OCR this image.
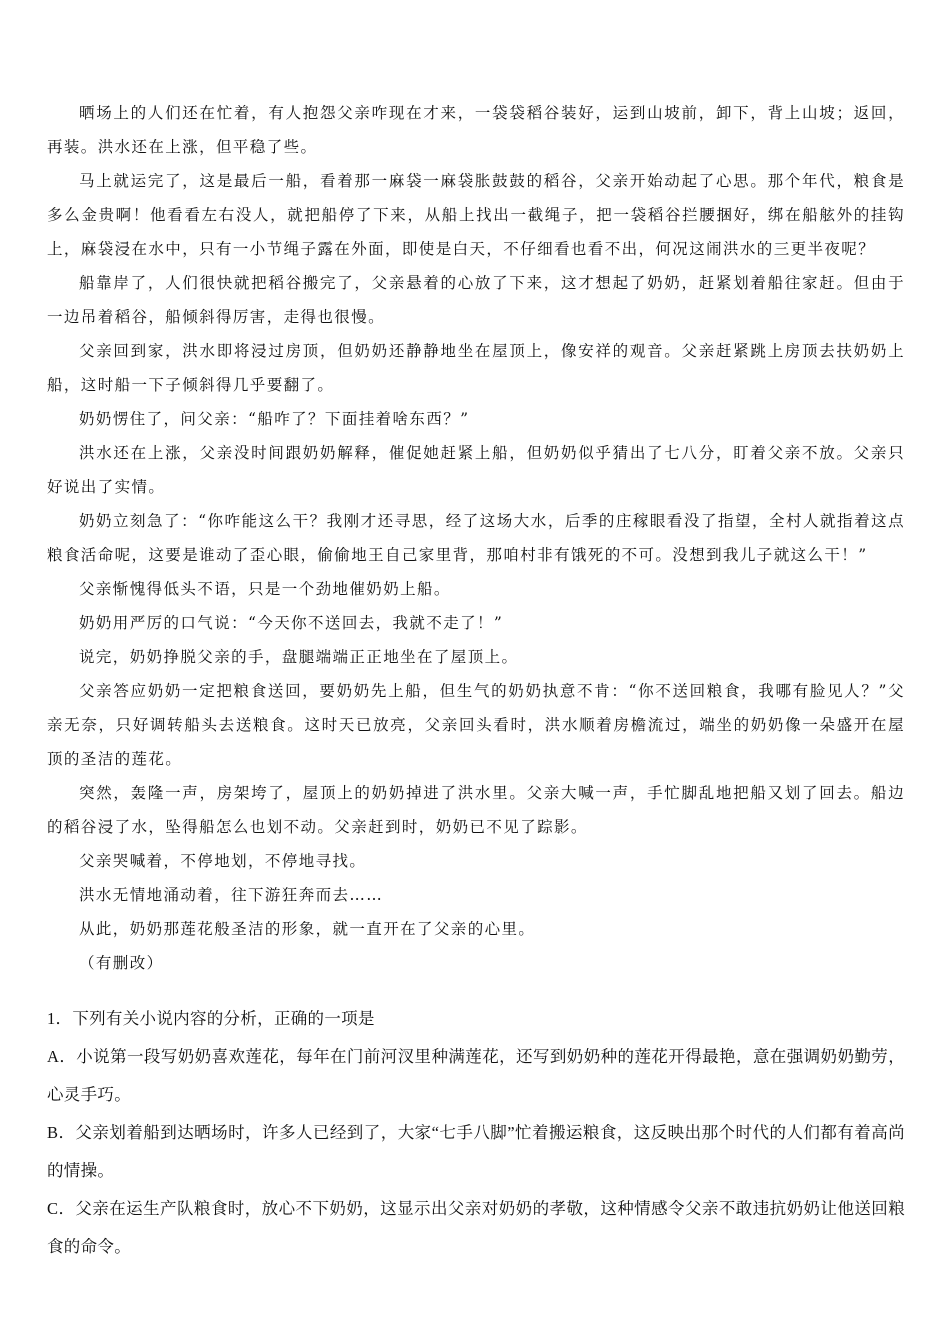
晒场上的人们还在忙着，有人抱怨父亲咋现在才来，一袋袋稻谷装好，运到山坡前，卸下，背上山坡；返回，再装。洪水还在上涨，但平稳了些。

马上就运完了，这是最后一船，看着那一麻袋一麻袋胀鼓鼓的稻谷，父亲开始动起了心思。那个年代，粮食是多么金贵啊！他看看左右没人，就把船停了下来，从船上找出一截绳子，把一袋稻谷拦腰捆好，绑在船舷外的挂钩上，麻袋浸在水中，只有一小节绳子露在外面，即使是白天，不仔细看也看不出，何况这闹洪水的三更半夜呢？

船靠岸了，人们很快就把稻谷搬完了，父亲悬着的心放了下来，这才想起了奶奶，赶紧划着船往家赶。但由于一边吊着稻谷，船倾斜得厉害，走得也很慢。

父亲回到家，洪水即将浸过房顶，但奶奶还静静地坐在屋顶上，像安祥的观音。父亲赶紧跳上房顶去扶奶奶上船，这时船一下子倾斜得几乎要翻了。

奶奶愣住了，问父亲：“船咋了？下面挂着啥东西？”

洪水还在上涨，父亲没时间跟奶奶解释，催促她赶紧上船，但奶奶似乎猜出了七八分，盯着父亲不放。父亲只好说出了实情。

奶奶立刻急了：“你咋能这么干？我刚才还寻思，经了这场大水，后季的庄稼眼看没了指望，全村人就指着这点粮食活命呢，这要是谁动了歪心眼，偷偷地王自己家里背，那咱村非有饿死的不可。没想到我儿子就这么干！”

父亲惭愧得低头不语，只是一个劲地催奶奶上船。

奶奶用严厉的口气说：“今天你不送回去，我就不走了！”

说完，奶奶挣脱父亲的手，盘腿端端正正地坐在了屋顶上。

父亲答应奶奶一定把粮食送回，要奶奶先上船，但生气的奶奶执意不肯：“你不送回粮食，我哪有脸见人？”父亲无奈，只好调转船头去送粮食。这时天已放亮，父亲回头看时，洪水顺着房檐流过，端坐的奶奶像一朵盛开在屋顶的圣洁的莲花。

突然，轰隆一声，房架垮了，屋顶上的奶奶掉进了洪水里。父亲大喊一声，手忙脚乱地把船又划了回去。船边的稻谷浸了水，坠得船怎么也划不动。父亲赶到时，奶奶已不见了踪影。

父亲哭喊着，不停地划，不停地寻找。

洪水无情地涌动着，往下游狂奔而去……

从此，奶奶那莲花般圣洁的形象，就一直开在了父亲的心里。

（有删改）

1．下列有关小说内容的分析，正确的一项是

A．小说第一段写奶奶喜欢莲花，每年在门前河汊里种满莲花，还写到奶奶种的莲花开得最艳，意在强调奶奶勤劳，心灵手巧。

B．父亲划着船到达晒场时，许多人已经到了，大家“七手八脚”忙着搬运粮食，这反映出那个时代的人们都有着高尚的情操。

C．父亲在运生产队粮食时，放心不下奶奶，这显示出父亲对奶奶的孝敬，这种情感令父亲不敢违抗奶奶让他送回粮食的命令。
